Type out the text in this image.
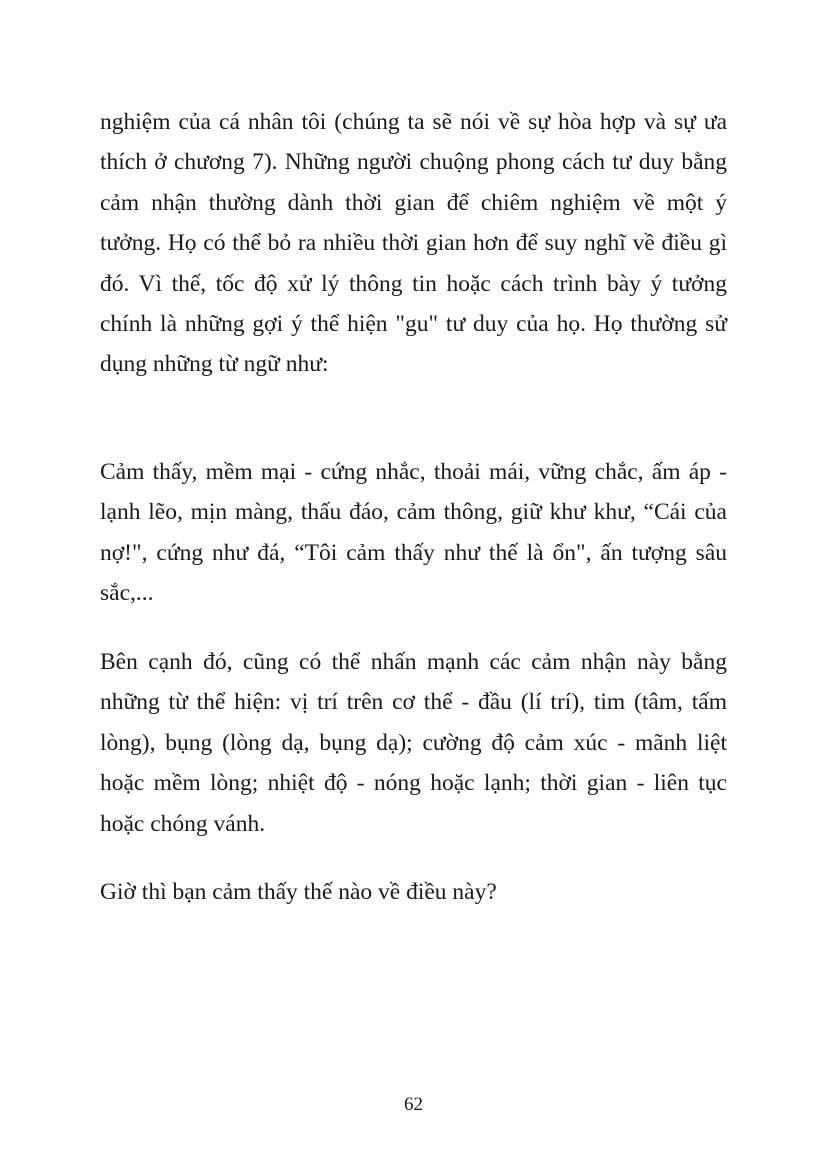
nghiệm của cá nhân tôi (chúng ta sẽ nói về sự hòa hợp và sự ưa thích ở chương 7). Những người chuộng phong cách tư duy bằng cảm nhận thường dành thời gian để chiêm nghiệm về một ý tưởng. Họ có thể bỏ ra nhiều thời gian hơn để suy nghĩ về điều gì đó. Vì thế, tốc độ xử lý thông tin hoặc cách trình bày ý tưởng chính là những gợi ý thể hiện "gu" tư duy của họ. Họ thường sử dụng những từ ngữ như:
Cảm thấy, mềm mại - cứng nhắc, thoải mái, vững chắc, ấm áp - lạnh lẽo, mịn màng, thấu đáo, cảm thông, giữ khư khư, “Cái của nợ!", cứng như đá, “Tôi cảm thấy như thế là ổn", ấn tượng sâu sắc,...
Bên cạnh đó, cũng có thể nhấn mạnh các cảm nhận này bằng những từ thể hiện: vị trí trên cơ thể - đầu (lí trí), tim (tâm, tấm lòng), bụng (lòng dạ, bụng dạ); cường độ cảm xúc - mãnh liệt hoặc mềm lòng; nhiệt độ - nóng hoặc lạnh; thời gian - liên tục hoặc chóng vánh.
Giờ thì bạn cảm thấy thế nào về điều này?
62
